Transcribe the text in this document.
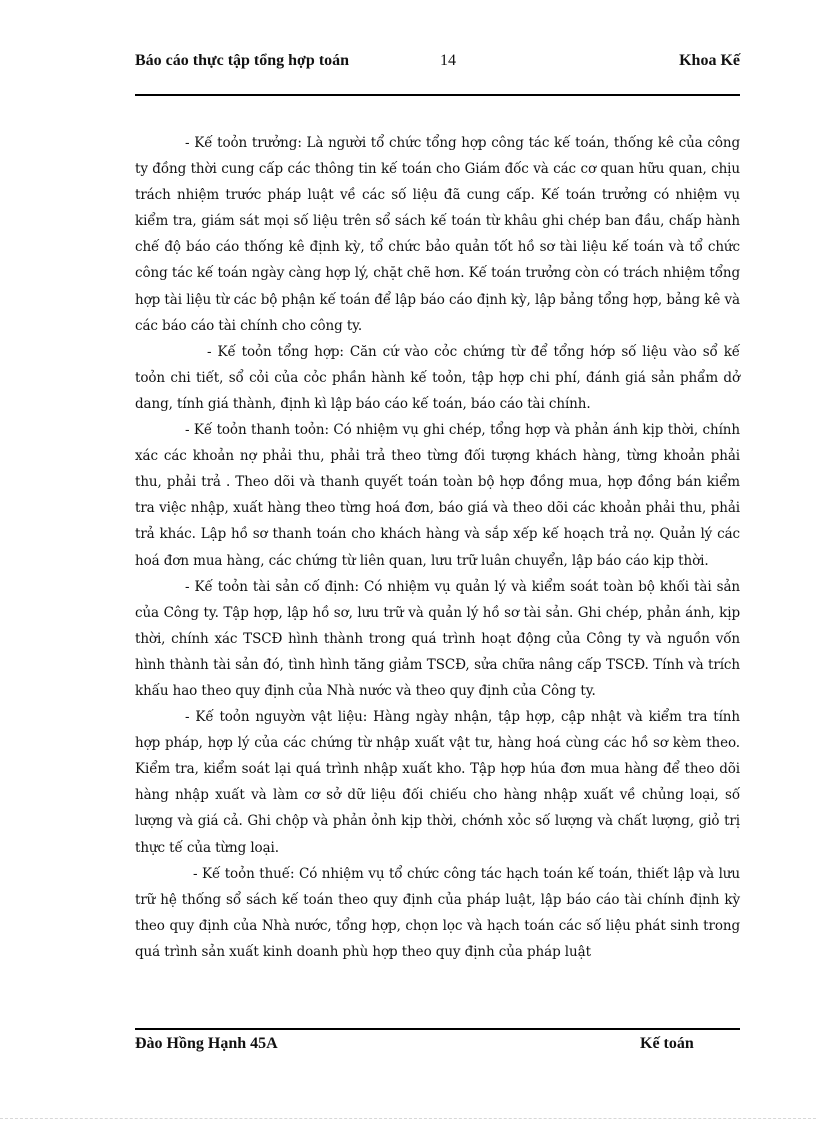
Báo cáo thực tập tổng hợp toán	14	Khoa Kế

- Kế toỏn trưởng: Là người tổ chức tổng hợp công tác kế toán, thống kê của công ty đồng thời cung cấp các thông tin kế toán cho Giám đốc và các cơ quan hữu quan, chịu trách nhiệm trước pháp luật về các số liệu đã cung cấp. Kế toán trưởng có nhiệm vụ kiểm tra, giám sát mọi số liệu trên sổ sách kế toán từ khâu ghi chép ban đầu, chấp hành chế độ báo cáo thống kê định kỳ, tổ chức bảo quản tốt hồ sơ tài liệu kế toán và tổ chức công tác kế toán ngày càng hợp lý, chặt chẽ hơn. Kế toán trưởng còn có trách nhiệm tổng hợp tài liệu từ các bộ phận kế toán để lập báo cáo định kỳ, lập bảng tổng hợp, bảng kê và các báo cáo tài chính cho công ty.

- Kế toỏn tổng hợp: Căn cứ vào cỏc chứng từ để tổng hớp số liệu vào sổ kế toỏn chi tiết, sổ cỏi của cỏc phần hành kế toỏn, tập hợp chi phí, đánh giá sản phẩm dở dang, tính giá thành, định kì lập báo cáo kế toán, báo cáo tài chính.

- Kế toỏn thanh toỏn: Có nhiệm vụ ghi chép, tổng hợp và phản ánh kịp thời, chính xác các khoản nợ phải thu, phải trả theo từng đối tượng khách hàng, từng khoản phải thu, phải trả . Theo dõi và thanh quyết toán toàn bộ hợp đồng mua, hợp đồng bán kiểm tra việc nhập, xuất hàng theo từng hoá đơn, báo giá và theo dõi các khoản phải thu, phải trả khác. Lập hồ sơ thanh toán cho khách hàng và sắp xếp kế hoạch trả nợ. Quản lý các hoá đơn mua hàng, các chứng từ liên quan, lưu trữ luân chuyển, lập báo cáo kịp thời.

- Kế toỏn tài sản cố định: Có nhiệm vụ quản lý và kiểm soát toàn bộ khối tài sản của Công ty. Tập hợp, lập hồ sơ, lưu trữ và quản lý hồ sơ tài sản. Ghi chép, phản ánh, kịp thời, chính xác TSCĐ hình thành trong quá trình hoạt động của Công ty và nguồn vốn hình thành tài sản đó, tình hình tăng giảm TSCĐ, sửa chữa nâng cấp TSCĐ. Tính và trích khấu hao theo quy định của Nhà nước và theo quy định của Công ty.

- Kế toỏn nguyờn vật liệu: Hàng ngày nhận, tập hợp, cập nhật và kiểm tra tính hợp pháp, hợp lý của các chứng từ nhập xuất vật tư, hàng hoá cùng các hồ sơ kèm theo. Kiểm tra, kiểm soát lại quá trình nhập xuất kho. Tập hợp húa đơn mua hàng để theo dõi hàng nhập xuất và làm cơ sở dữ liệu đối chiếu cho hàng nhập xuất về chủng loại, số lượng và giá cả. Ghi chộp và phản ỏnh kịp thời, chớnh xỏc số lượng và chất lượng, giỏ trị thực tế của từng loại.

- Kế toỏn thuế: Có nhiệm vụ tổ chức công tác hạch toán kế toán, thiết lập và lưu trữ hệ thống sổ sách kế toán theo quy định của pháp luật, lập báo cáo tài chính định kỳ theo quy định của Nhà nước, tổng hợp, chọn lọc và hạch toán các số liệu phát sinh trong quá trình sản xuất kinh doanh phù hợp theo quy định của pháp luật

Đào Hồng Hạnh 45A	Kế toán
